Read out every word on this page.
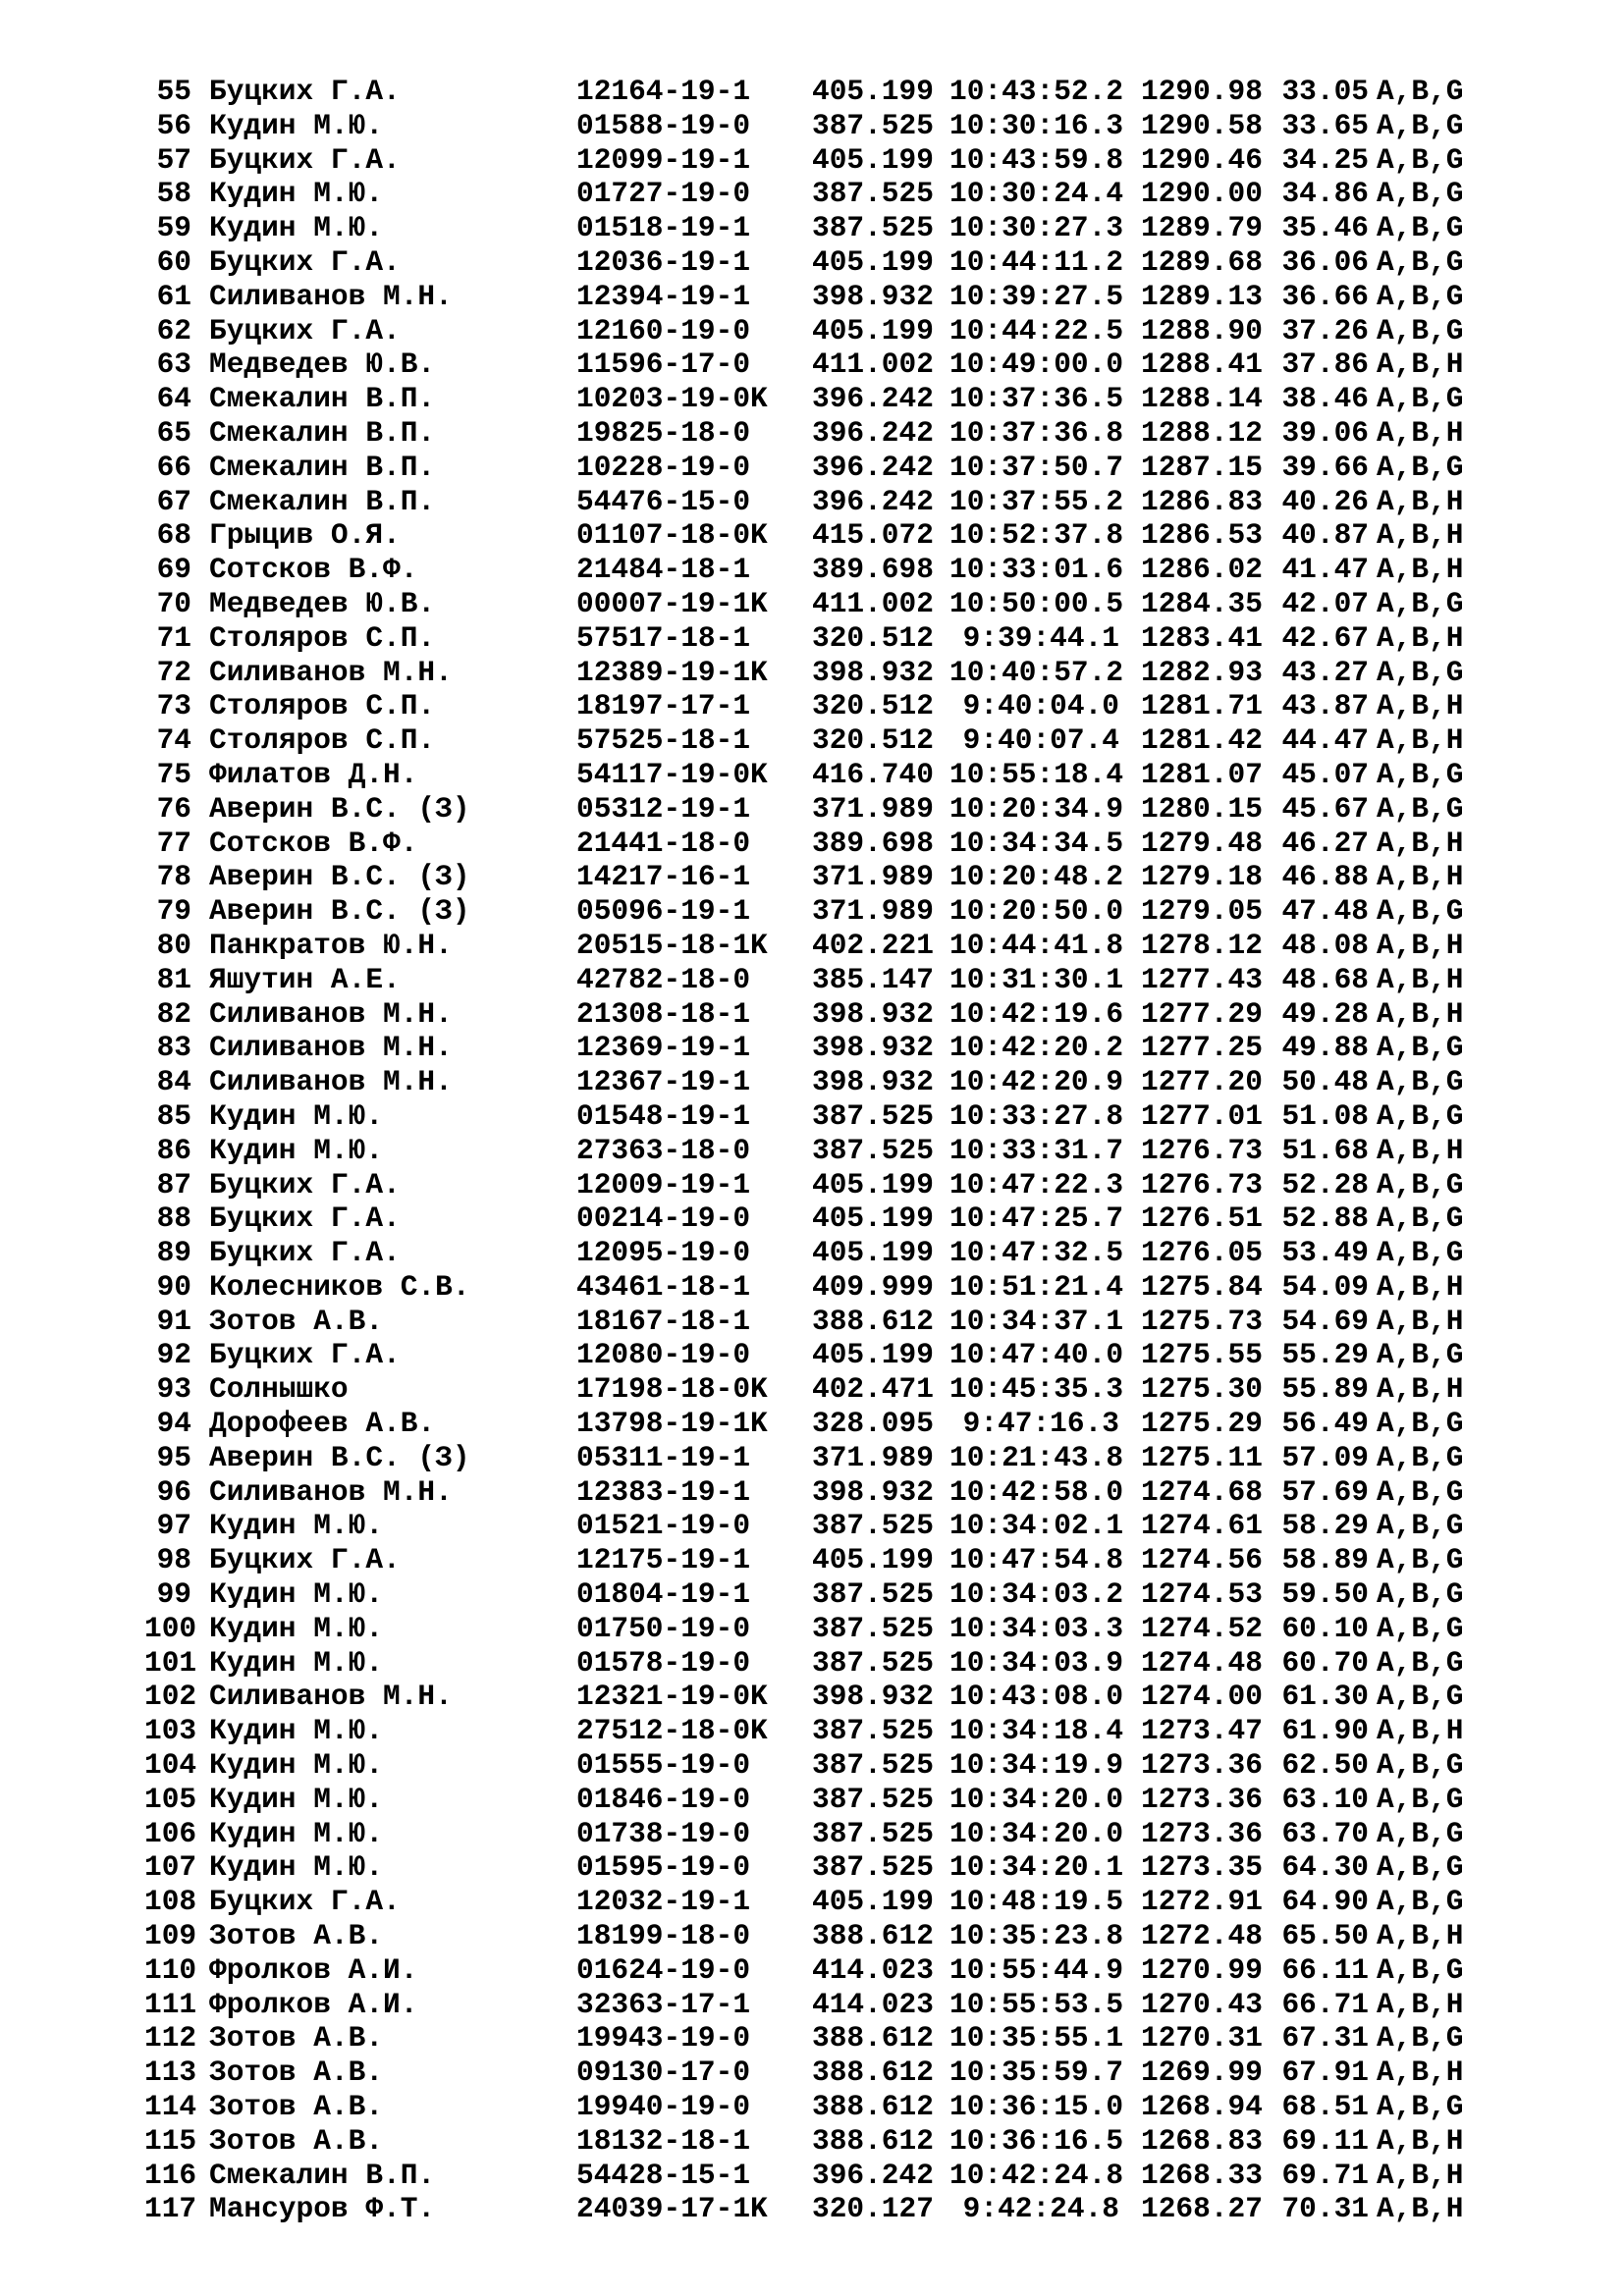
55 Буцких Г.А.	12164-19-1	405.199 10:43:52.2 1290.98 33.05 A,B,G
56 Кудин М.Ю.	01588-19-0	387.525 10:30:16.3 1290.58 33.65 A,B,G
57 Буцких Г.А.	12099-19-1	405.199 10:43:59.8 1290.46 34.25 A,B,G
58 Кудин М.Ю.	01727-19-0	387.525 10:30:24.4 1290.00 34.86 A,B,G
59 Кудин М.Ю.	01518-19-1	387.525 10:30:27.3 1289.79 35.46 A,B,G
60 Буцких Г.А.	12036-19-1	405.199 10:44:11.2 1289.68 36.06 A,B,G
61 Силиванов М.Н.	12394-19-1	398.932 10:39:27.5 1289.13 36.66 A,B,G
62 Буцких Г.А.	12160-19-0	405.199 10:44:22.5 1288.90 37.26 A,B,G
63 Медведев Ю.В.	11596-17-0	411.002 10:49:00.0 1288.41 37.86 A,B,H
64 Смекалин В.П.	10203-19-0K	396.242 10:37:36.5 1288.14 38.46 A,B,G
65 Смекалин В.П.	19825-18-0	396.242 10:37:36.8 1288.12 39.06 A,B,H
66 Смекалин В.П.	10228-19-0	396.242 10:37:50.7 1287.15 39.66 A,B,G
67 Смекалин В.П.	54476-15-0	396.242 10:37:55.2 1286.83 40.26 A,B,H
68 Грыцив О.Я.	01107-18-0K	415.072 10:52:37.8 1286.53 40.87 A,B,H
69 Сотсков В.Ф.	21484-18-1	389.698 10:33:01.6 1286.02 41.47 A,B,H
70 Медведев Ю.В.	00007-19-1K	411.002 10:50:00.5 1284.35 42.07 A,B,G
71 Столяров С.П.	57517-18-1	320.512	9:39:44.1 1283.41 42.67 A,B,H
72 Силиванов М.Н.	12389-19-1K	398.932 10:40:57.2 1282.93 43.27 A,B,G
73 Столяров С.П.	18197-17-1	320.512	9:40:04.0 1281.71 43.87 A,B,H
74 Столяров С.П.	57525-18-1	320.512	9:40:07.4 1281.42 44.47 A,B,H
75 Филатов Д.Н.	54117-19-0K	416.740 10:55:18.4 1281.07 45.07 A,B,G
76 Аверин В.С. (З)	05312-19-1	371.989 10:20:34.9 1280.15 45.67 A,B,G
77 Сотсков В.Ф.	21441-18-0	389.698 10:34:34.5 1279.48 46.27 A,B,H
78 Аверин В.С. (З)	14217-16-1	371.989 10:20:48.2 1279.18 46.88 A,B,H
79 Аверин В.С. (З)	05096-19-1	371.989 10:20:50.0 1279.05 47.48 A,B,G
80 Панкратов Ю.Н.	20515-18-1K	402.221 10:44:41.8 1278.12 48.08 A,B,H
81 Яшутин А.Е.	42782-18-0	385.147 10:31:30.1 1277.43 48.68 A,B,H
82 Силиванов М.Н.	21308-18-1	398.932 10:42:19.6 1277.29 49.28 A,B,H
83 Силиванов М.Н.	12369-19-1	398.932 10:42:20.2 1277.25 49.88 A,B,G
84 Силиванов М.Н.	12367-19-1	398.932 10:42:20.9 1277.20 50.48 A,B,G
85 Кудин М.Ю.	01548-19-1	387.525 10:33:27.8 1277.01 51.08 A,B,G
86 Кудин М.Ю.	27363-18-0	387.525 10:33:31.7 1276.73 51.68 A,B,H
87 Буцких Г.А.	12009-19-1	405.199 10:47:22.3 1276.73 52.28 A,B,G
88 Буцких Г.А.	00214-19-0	405.199 10:47:25.7 1276.51 52.88 A,B,G
89 Буцких Г.А.	12095-19-0	405.199 10:47:32.5 1276.05 53.49 A,B,G
90 Колесников С.В.	43461-18-1	409.999 10:51:21.4 1275.84 54.09 A,B,H
91 Зотов А.В.	18167-18-1	388.612 10:34:37.1 1275.73 54.69 A,B,H
92 Буцких Г.А.	12080-19-0	405.199 10:47:40.0 1275.55 55.29 A,B,G
93 Солнышко	17198-18-0K	402.471 10:45:35.3 1275.30 55.89 A,B,H
94 Дорофеев А.В.	13798-19-1K	328.095	9:47:16.3 1275.29 56.49 A,B,G
95 Аверин В.С. (З)	05311-19-1	371.989 10:21:43.8 1275.11 57.09 A,B,G
96 Силиванов М.Н.	12383-19-1	398.932 10:42:58.0 1274.68 57.69 A,B,G
97 Кудин М.Ю.	01521-19-0	387.525 10:34:02.1 1274.61 58.29 A,B,G
98 Буцких Г.А.	12175-19-1	405.199 10:47:54.8 1274.56 58.89 A,B,G
99 Кудин М.Ю.	01804-19-1	387.525 10:34:03.2 1274.53 59.50 A,B,G
100 Кудин М.Ю.	01750-19-0	387.525 10:34:03.3 1274.52 60.10 A,B,G
101 Кудин М.Ю.	01578-19-0	387.525 10:34:03.9 1274.48 60.70 A,B,G
102 Силиванов М.Н.	12321-19-0K	398.932 10:43:08.0 1274.00 61.30 A,B,G
103 Кудин М.Ю.	27512-18-0K	387.525 10:34:18.4 1273.47 61.90 A,B,H
104 Кудин М.Ю.	01555-19-0	387.525 10:34:19.9 1273.36 62.50 A,B,G
105 Кудин М.Ю.	01846-19-0	387.525 10:34:20.0 1273.36 63.10 A,B,G
106 Кудин М.Ю.	01738-19-0	387.525 10:34:20.0 1273.36 63.70 A,B,G
107 Кудин М.Ю.	01595-19-0	387.525 10:34:20.1 1273.35 64.30 A,B,G
108 Буцких Г.А.	12032-19-1	405.199 10:48:19.5 1272.91 64.90 A,B,G
109 Зотов А.В.	18199-18-0	388.612 10:35:23.8 1272.48 65.50 A,B,H
110 Фролков А.И.	01624-19-0	414.023 10:55:44.9 1270.99 66.11 A,B,G
111 Фролков А.И.	32363-17-1	414.023 10:55:53.5 1270.43 66.71 A,B,H
112 Зотов А.В.	19943-19-0	388.612 10:35:55.1 1270.31 67.31 A,B,G
113 Зотов А.В.	09130-17-0	388.612 10:35:59.7 1269.99 67.91 A,B,H
114 Зотов А.В.	19940-19-0	388.612 10:36:15.0 1268.94 68.51 A,B,G
115 Зотов А.В.	18132-18-1	388.612 10:36:16.5 1268.83 69.11 A,B,H
116 Смекалин В.П.	54428-15-1	396.242 10:42:24.8 1268.33 69.71 A,B,H
117 Мансуров Ф.Т.	24039-17-1K	320.127	9:42:24.8 1268.27 70.31 A,B,H
